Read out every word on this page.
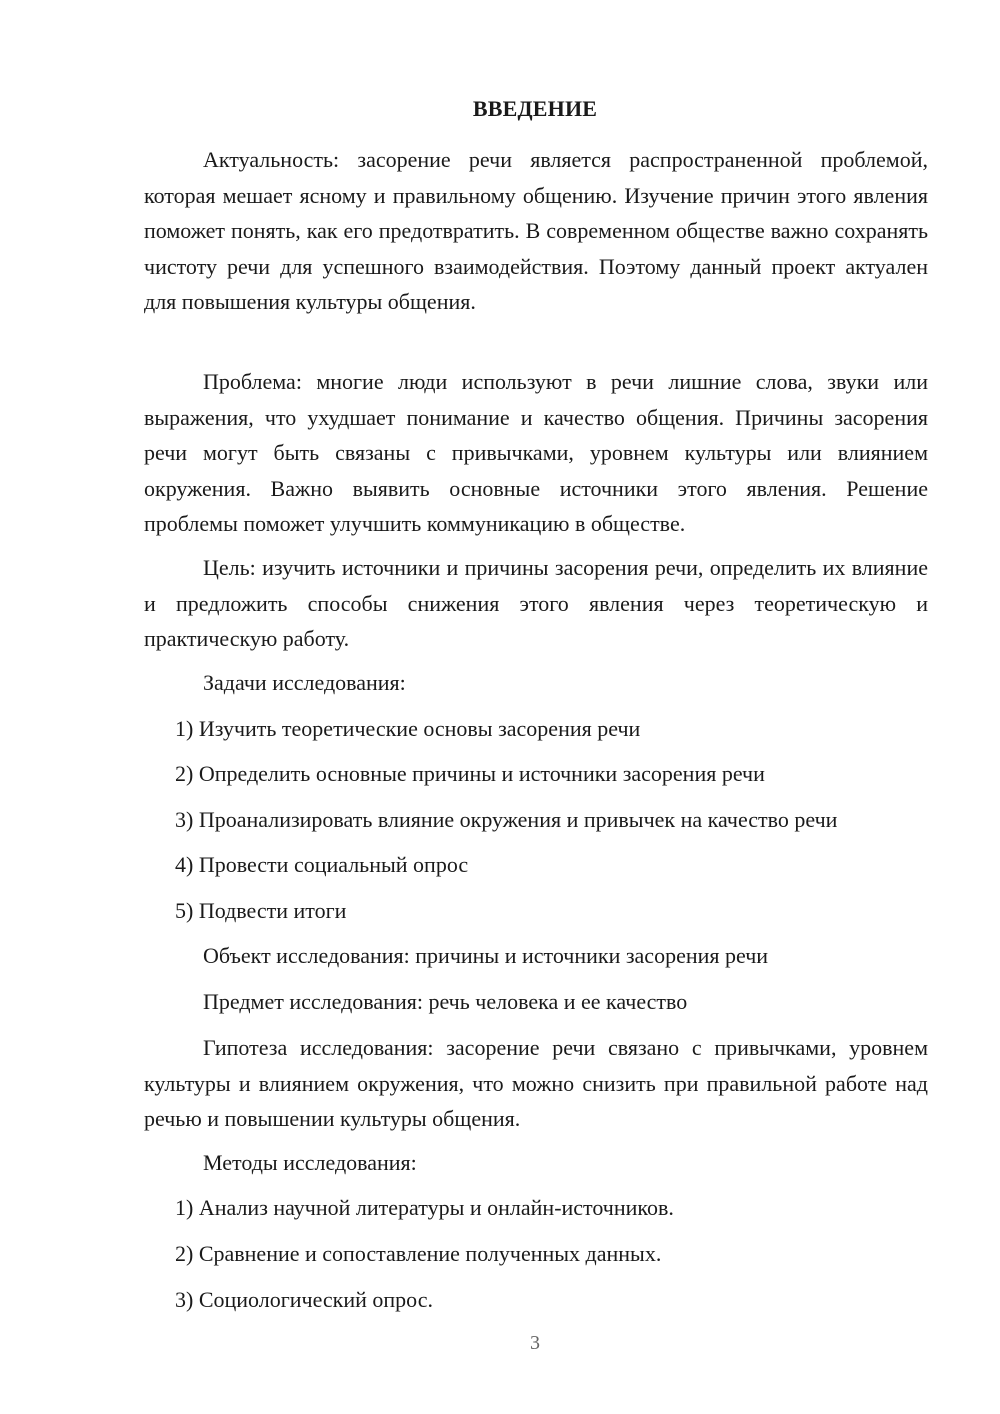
ВВЕДЕНИЕ

Актуальность: засорение речи является распространенной проблемой, которая мешает ясному и правильному общению. Изучение причин этого явления поможет понять, как его предотвратить. В современном обществе важно сохранять чистоту речи для успешного взаимодействия. Поэтому данный проект актуален для повышения культуры общения.

Проблема: многие люди используют в речи лишние слова, звуки или выражения, что ухудшает понимание и качество общения. Причины засорения речи могут быть связаны с привычками, уровнем культуры или влиянием окружения. Важно выявить основные источники этого явления. Решение проблемы поможет улучшить коммуникацию в обществе.

Цель: изучить источники и причины засорения речи, определить их влияние и предложить способы снижения этого явления через теоретическую и практическую работу.

Задачи исследования:
1) Изучить теоретические основы засорения речи
2) Определить основные причины и источники засорения речи
3) Проанализировать влияние окружения и привычек на качество речи
4) Провести социальный опрос
5) Подвести итоги
Объект исследования: причины и источники засорения речи
Предмет исследования: речь человека и ее качество

Гипотеза исследования: засорение речи связано с привычками, уровнем культуры и влиянием окружения, что можно снизить при правильной работе над речью и повышении культуры общения.

Методы исследования:
1) Анализ научной литературы и онлайн-источников.
2) Сравнение и сопоставление полученных данных.
3) Социологический опрос.
3
